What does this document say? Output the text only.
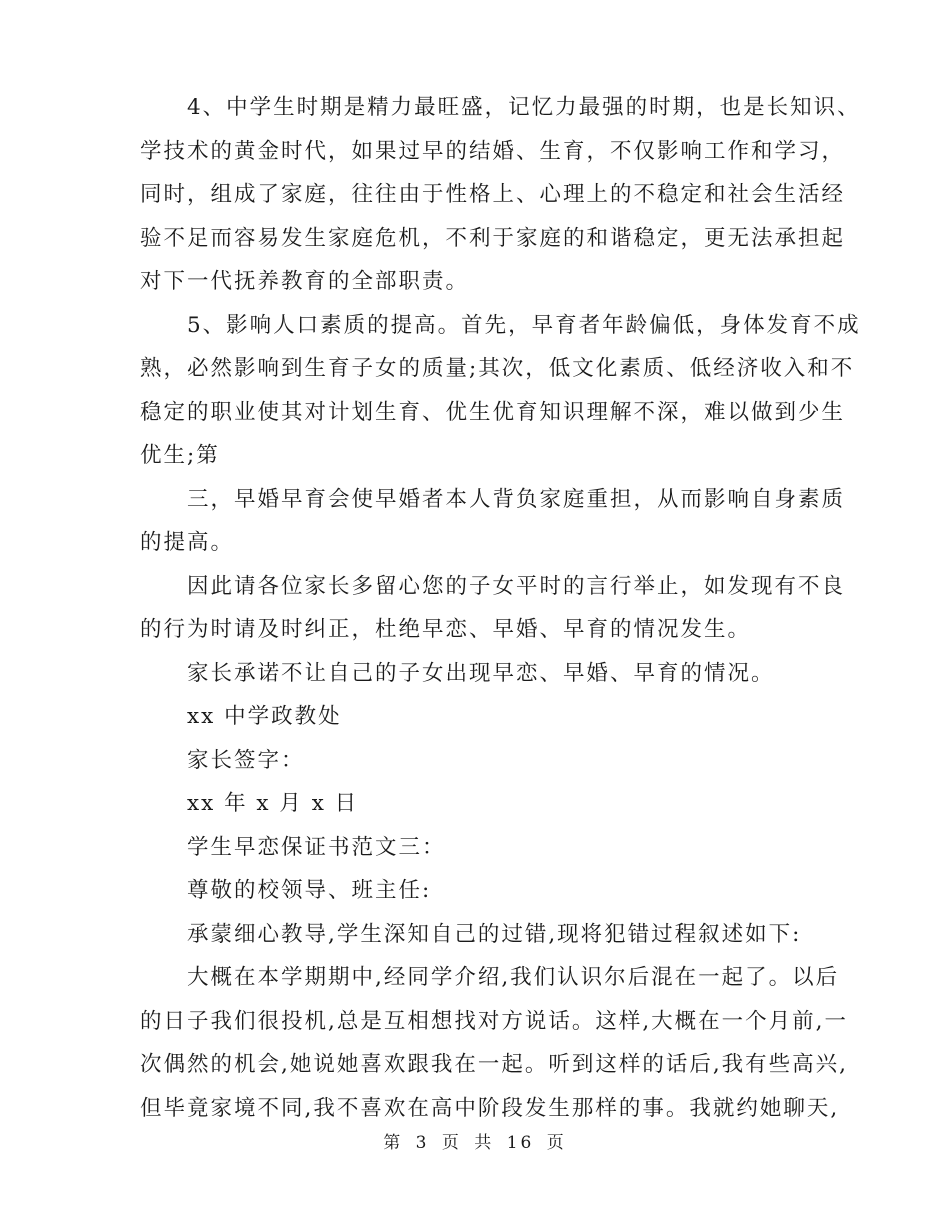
4、中学生时期是精力最旺盛，记忆力最强的时期，也是长知识、
学技术的黄金时代，如果过早的结婚、生育，不仅影响工作和学习，
同时，组成了家庭，往往由于性格上、心理上的不稳定和社会生活经
验不足而容易发生家庭危机，不利于家庭的和谐稳定，更无法承担起
对下一代抚养教育的全部职责。
5、影响人口素质的提高。首先，早育者年龄偏低，身体发育不成
熟，必然影响到生育子女的质量;其次，低文化素质、低经济收入和不
稳定的职业使其对计划生育、优生优育知识理解不深，难以做到少生
优生;第
三，早婚早育会使早婚者本人背负家庭重担，从而影响自身素质
的提高。
因此请各位家长多留心您的子女平时的言行举止，如发现有不良
的行为时请及时纠正，杜绝早恋、早婚、早育的情况发生。
家长承诺不让自己的子女出现早恋、早婚、早育的情况。
xx 中学政教处
家长签字：
xx 年 x 月 x 日
学生早恋保证书范文三：
尊敬的校领导、班主任:
承蒙细心教导,学生深知自己的过错,现将犯错过程叙述如下:
大概在本学期期中,经同学介绍,我们认识尔后混在一起了。以后
的日子我们很投机,总是互相想找对方说话。这样,大概在一个月前,一
次偶然的机会,她说她喜欢跟我在一起。听到这样的话后,我有些高兴,
但毕竟家境不同,我不喜欢在高中阶段发生那样的事。我就约她聊天,
第 3 页 共 16 页
